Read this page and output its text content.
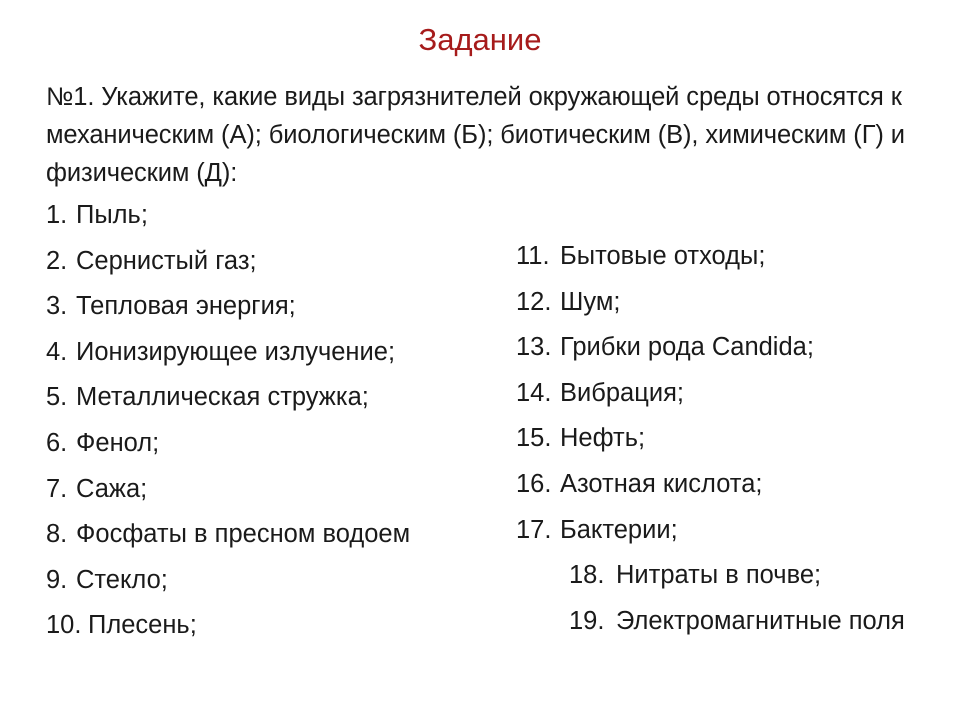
Задание
№1. Укажите, какие виды загрязнителей окружающей среды относятся к механическим (А); биологическим (Б); биотическим (В), химическим (Г) и физическим (Д):
1. Пыль;
2. Сернистый газ;
3. Тепловая энергия;
4. Ионизирующее излучение;
5. Металлическая стружка;
6. Фенол;
7. Сажа;
8. Фосфаты в пресном водоем
9. Стекло;
10. Плесень;
11. Бытовые отходы;
12. Шум;
13. Грибки рода Candida;
14. Вибрация;
15. Нефть;
16. Азотная кислота;
17. Бактерии;
18. Нитраты в почве;
19. Электромагнитные поля
